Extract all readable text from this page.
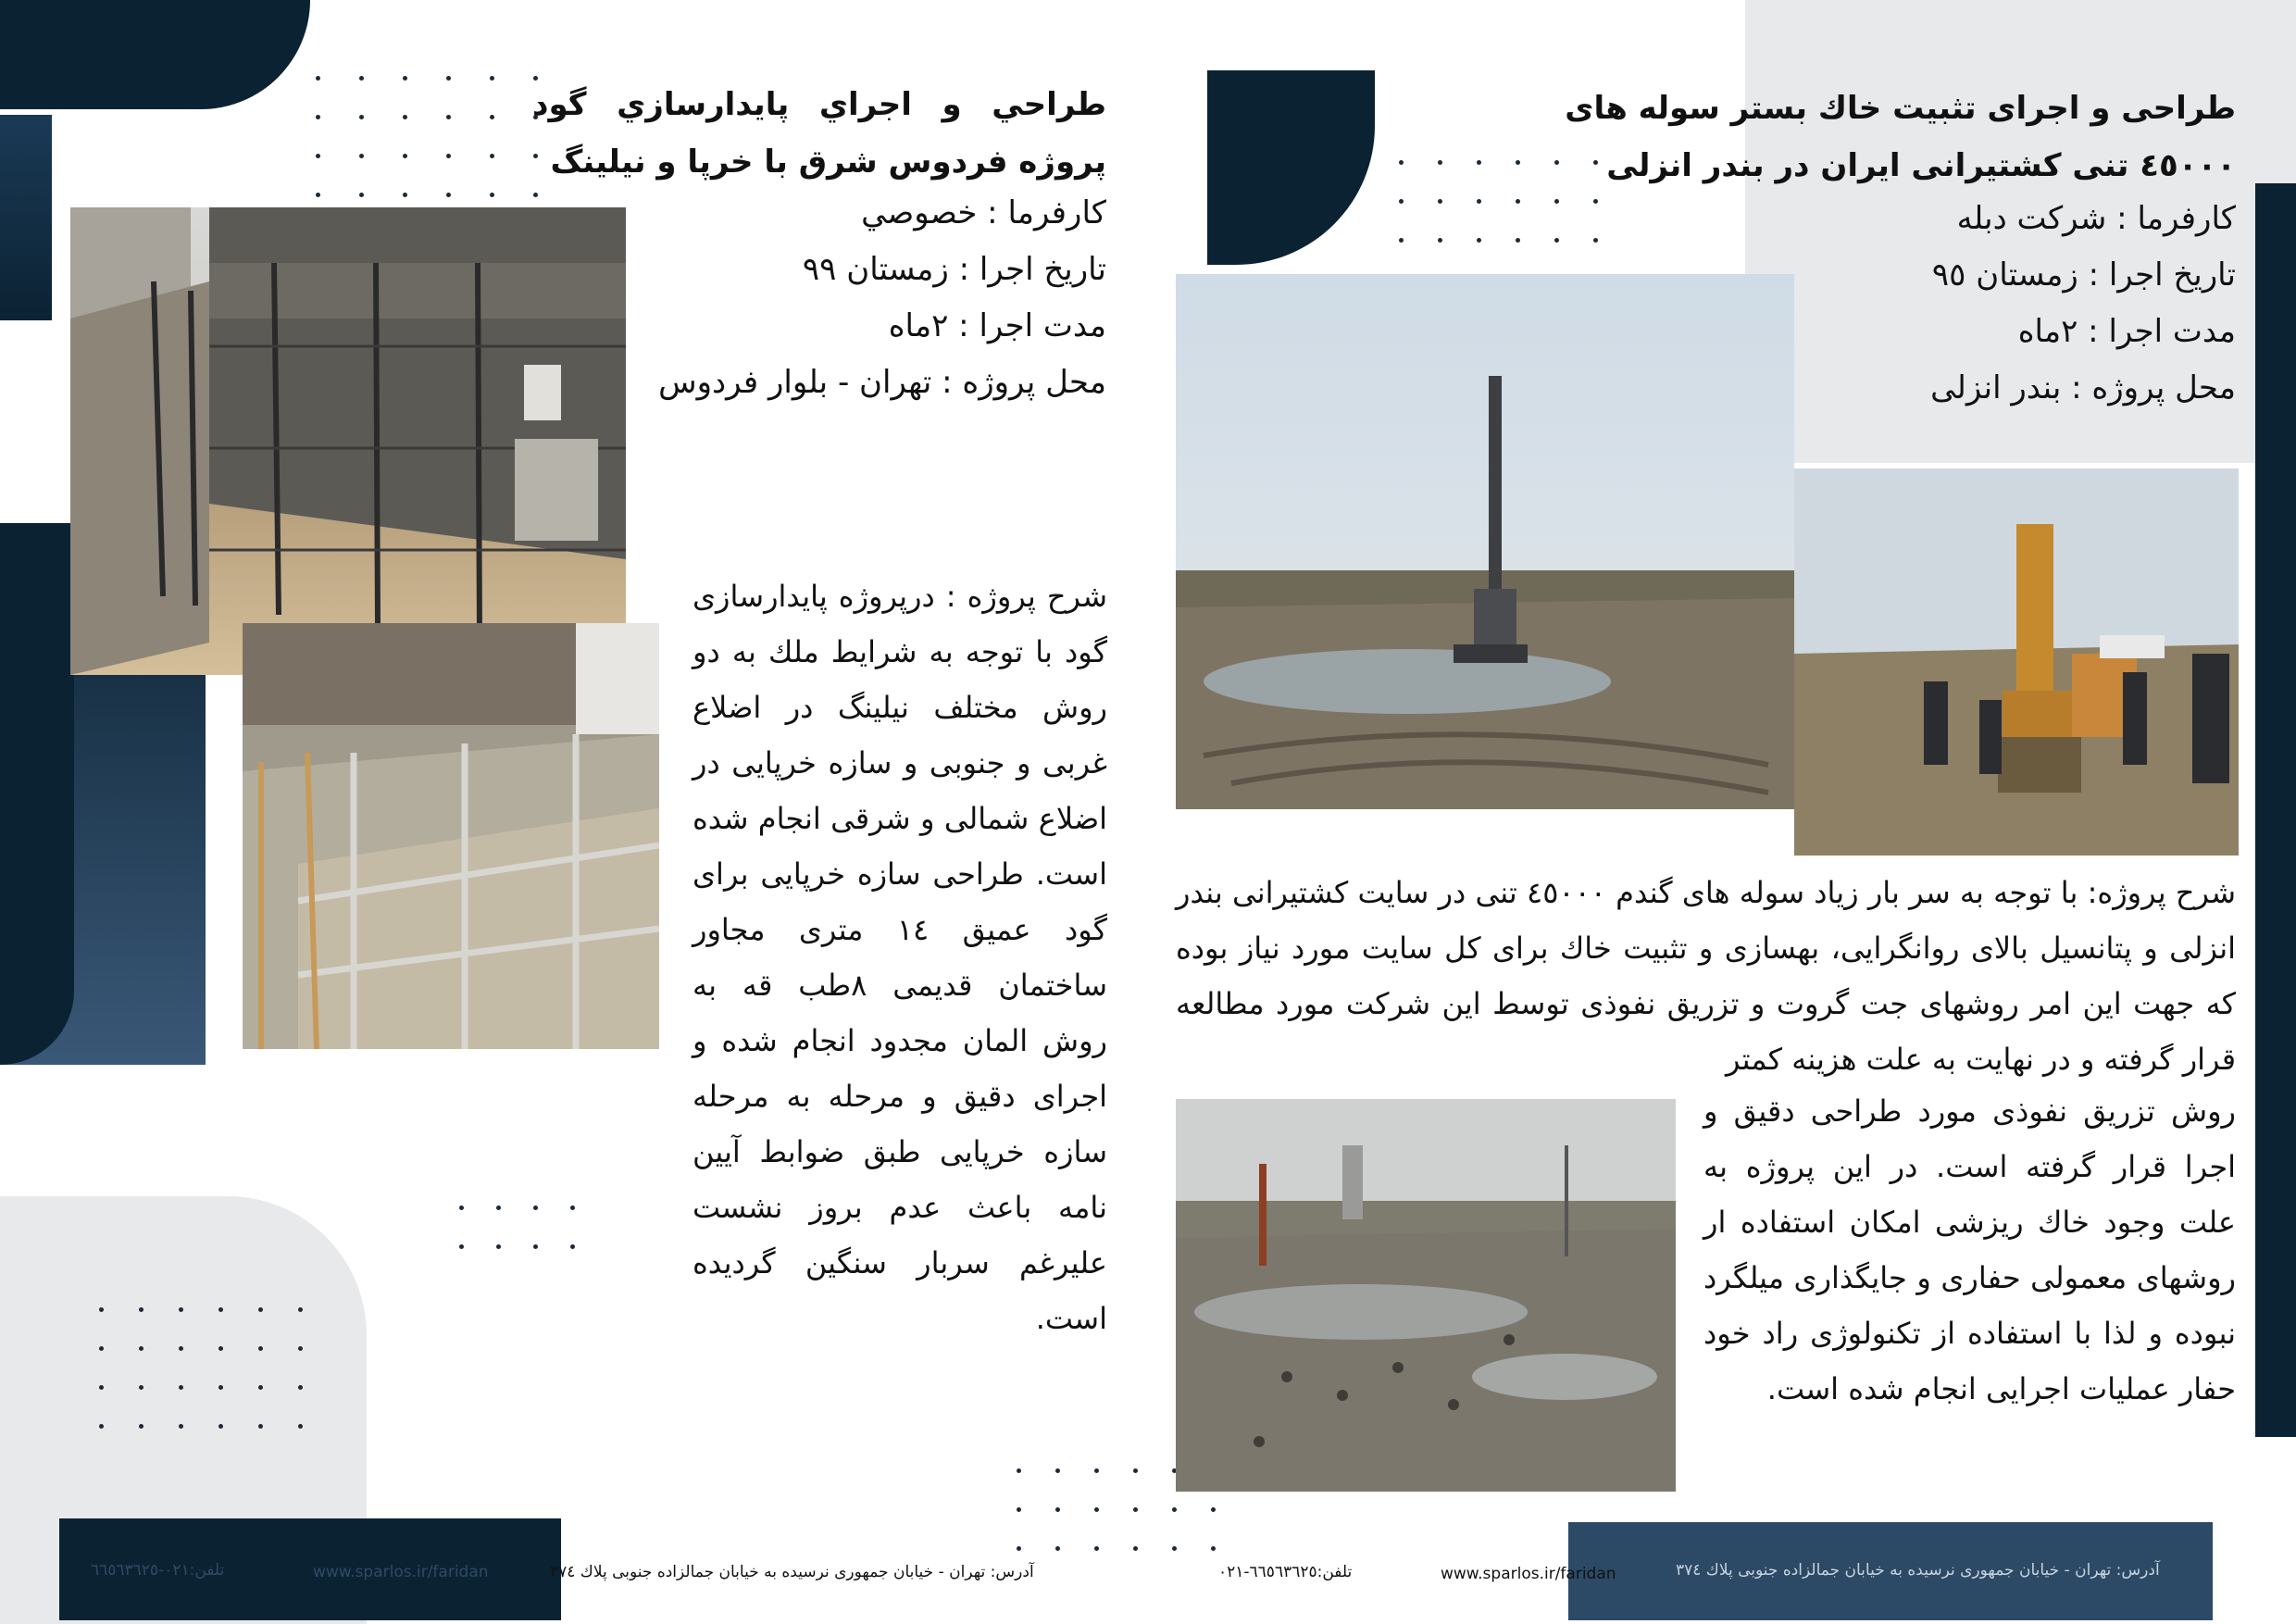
طراحي و اجراي پايدارسازي گود پروژه فردوس شرق با خرپا و نيلينگ
كارفرما : خصوصي
تاريخ اجرا : زمستان ٩٩
مدت اجرا : ٢ماه
محل پروژه : تهران - بلوار فردوس
شرح پروژه : درپروژه پایدارسازی گود با توجه به شرایط ملك به دو روش مختلف نیلینگ در اضلاع غربی و جنوبی و سازه خرپایی در اضلاع شمالی و شرقی انجام شده است. طراحی سازه خرپایی برای گود عمیق ١٤ متری مجاور ساختمان قدیمی ٨طب قه به روش المان مجدود انجام شده و اجرای دقیق و مرحله به مرحله سازه خرپایی طبق ضوابط آیین نامه باعث عدم بروز نشست علیرغم سربار سنگین گردیده است.
طراحی و اجرای تثبیت خاك بستر سوله های ٤٥٠٠٠ تنی کشتیرانی ایران در بندر انزلی
كارفرما : شرکت دبله
تاريخ اجرا : زمستان ٩٥
مدت اجرا : ٢ماه
محل پروژه : بندر انزلی
شرح پروژه: با توجه به سر بار زیاد سوله های گندم ٤٥٠٠٠ تنی در سایت کشتیرانی بندر انزلی و پتانسیل بالای روانگرایی، بهسازی و تثبیت خاك برای کل سایت مورد نیاز بوده که جهت این امر روشهای جت گروت و تزریق نفوذی توسط این شرکت مورد مطالعه قرار گرفته و در نهایت به علت هزینه کمتر
روش تزریق نفوذی مورد طراحی دقیق و اجرا قرار گرفته است. در این پروژه به علت وجود خاك ریزشی امکان استفاده ار روشهای معمولی حفاری و جایگذاری میلگرد نبوده و لذا با استفاده از تکنولوژی راد خود حفار عملیات اجرایی انجام شده است.
تلفن:٠٢١-٦٦٥٦٣٦٢٥	www.sparlos.ir/faridan	آدرس: تهران - خیابان جمهوری نرسیده به خیابان جمالزاده جنوبی پلاك ٣٧٤	تلفن:٦٦٥٦٣٦٢٥-٠٢١	www.sparlos.ir/faridan	آدرس: تهران - خیابان جمهوری نرسیده به خیابان جمالزاده جنوبی پلاك ٣٧٤
